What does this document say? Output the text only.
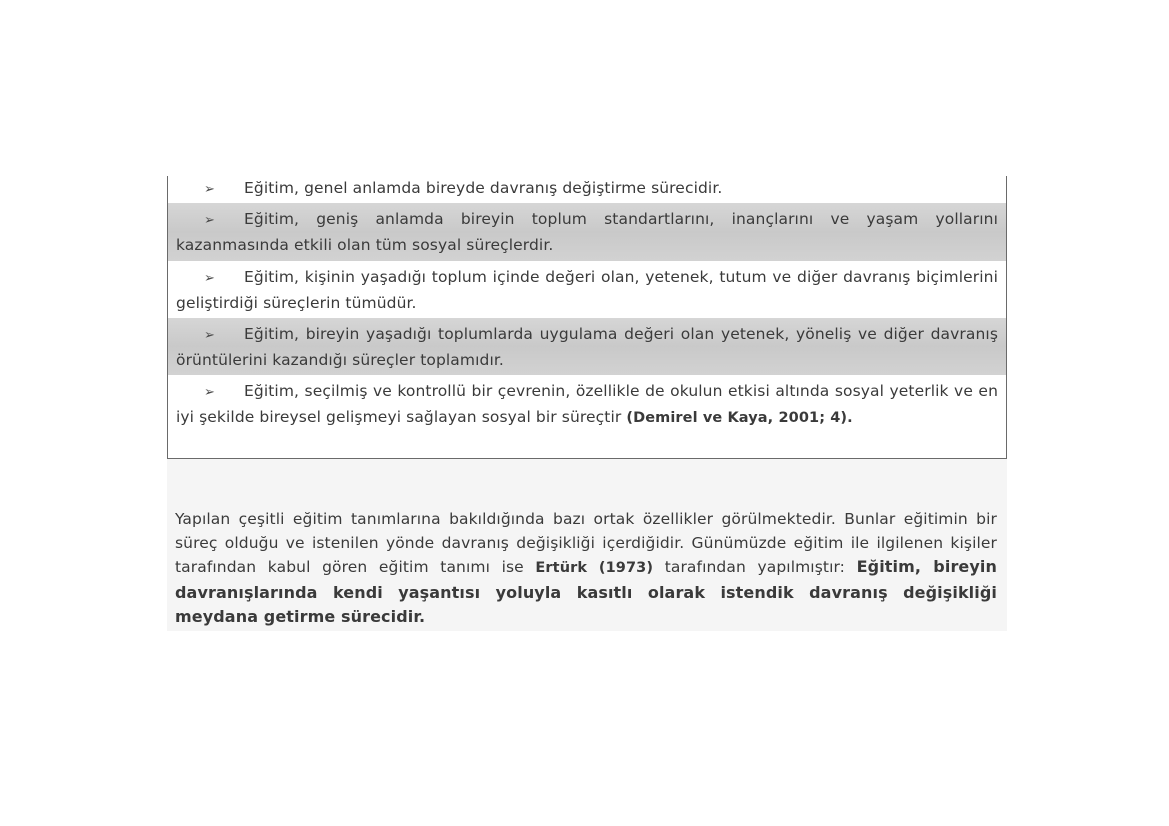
➢ Eğitim, genel anlamda bireyde davranış değiştirme sürecidir.
➢ Eğitim, geniş anlamda bireyin toplum standartlarını, inançlarını ve yaşam yollarını kazanmasında etkili olan tüm sosyal süreçlerdir.
➢ Eğitim, kişinin yaşadığı toplum içinde değeri olan, yetenek, tutum ve diğer davranış biçimlerini geliştirdiği süreçlerin tümüdür.
➢ Eğitim, bireyin yaşadığı toplumlarda uygulama değeri olan yetenek, yöneliş ve diğer davranış örüntülerini kazandığı süreçler toplamıdır.
➢ Eğitim, seçilmiş ve kontrollü bir çevrenin, özellikle de okulun etkisi altında sosyal yeterlik ve en iyi şekilde bireysel gelişmeyi sağlayan sosyal bir süreçtir (Demirel ve Kaya, 2001; 4).
Yapılan çeşitli eğitim tanımlarına bakıldığında bazı ortak özellikler görülmektedir. Bunlar eğitimin bir süreç olduğu ve istenilen yönde davranış değişikliği içerdiğidir. Günümüzde eğitim ile ilgilenen kişiler tarafından kabul gören eğitim tanımı ise Ertürk (1973) tarafından yapılmıştır: Eğitim, bireyin davranışlarında kendi yaşantısı yoluyla kasıtlı olarak istendik davranış değişikliği meydana getirme sürecidir.
